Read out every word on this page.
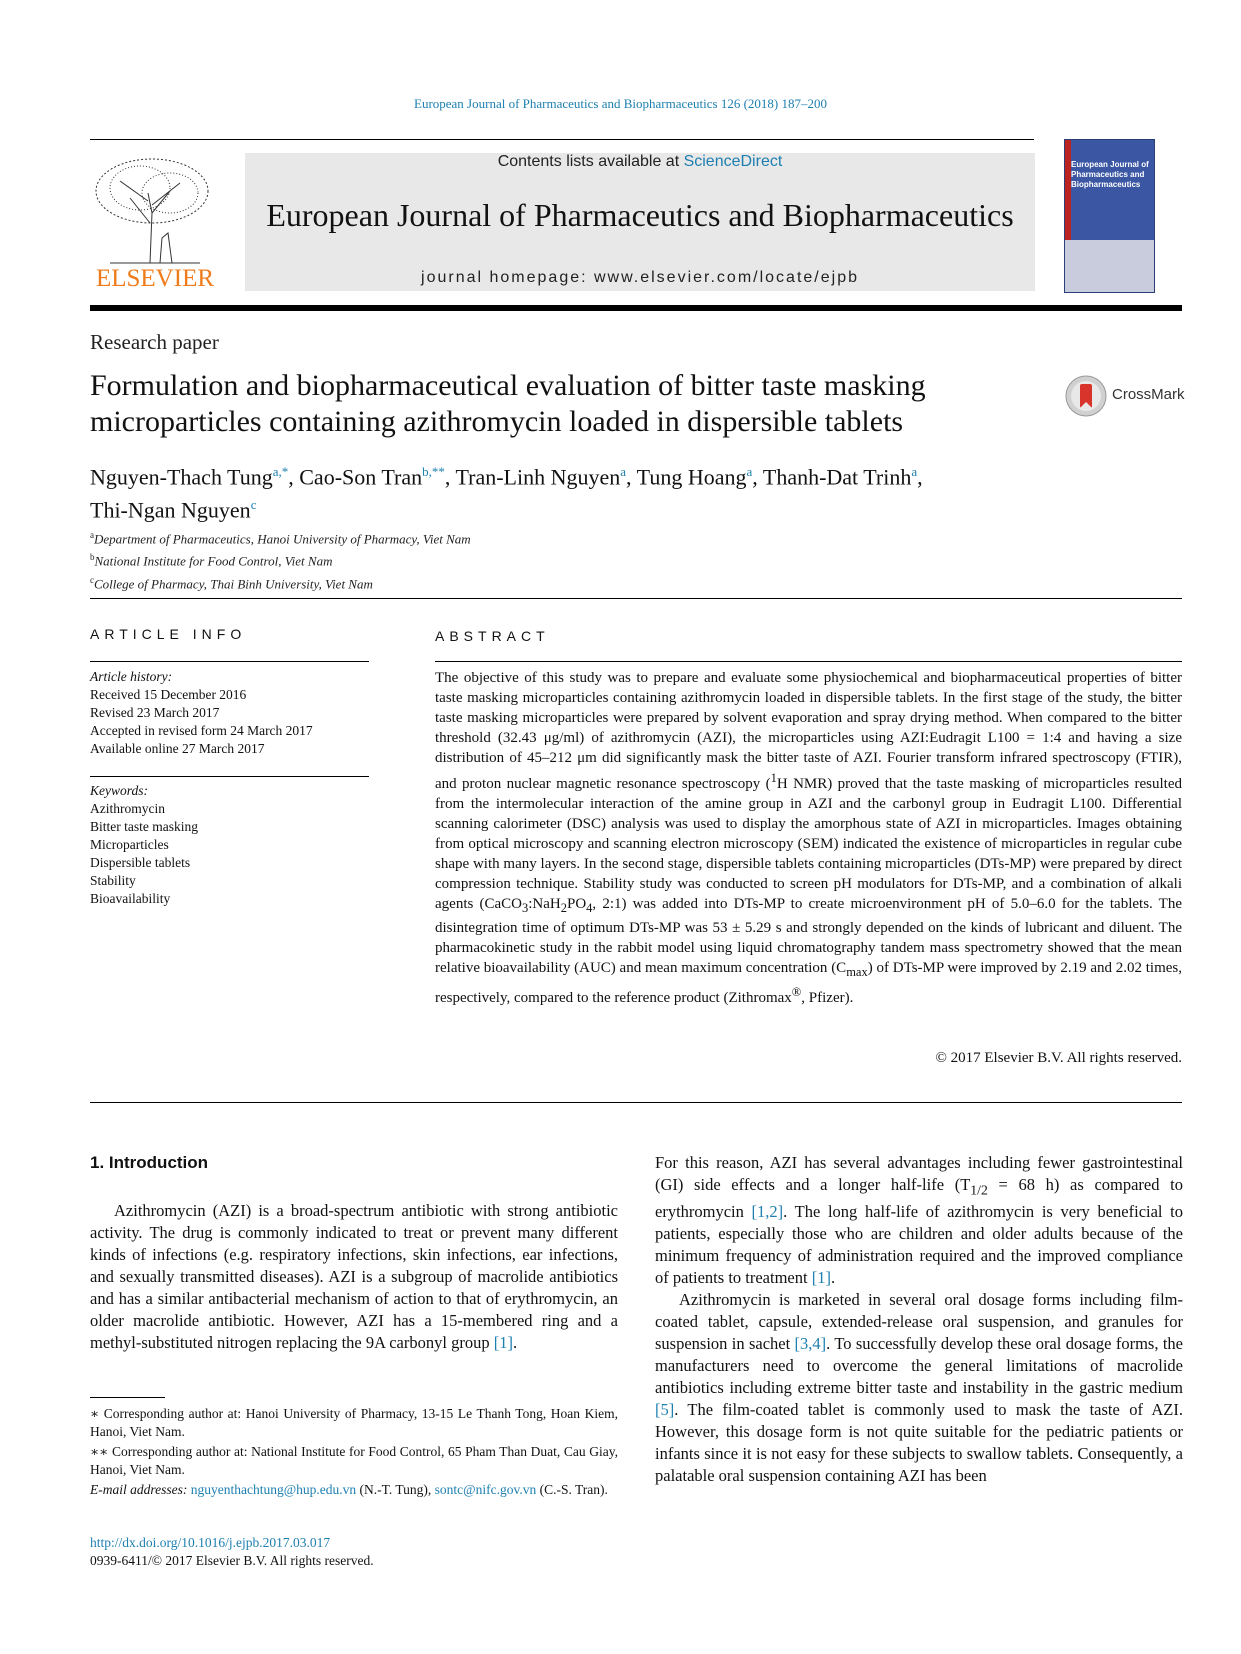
European Journal of Pharmaceutics and Biopharmaceutics 126 (2018) 187–200
ELSEVIER
Contents lists available at ScienceDirect
European Journal of Pharmaceutics and Biopharmaceutics
journal homepage: www.elsevier.com/locate/ejpb
European Journal of Pharmaceutics and Biopharmaceutics
Research paper
Formulation and biopharmaceutical evaluation of bitter taste masking microparticles containing azithromycin loaded in dispersible tablets
CrossMark
Nguyen-Thach Tung$^{a,*}$, Cao-Son Tran$^{b,**}$, Tran-Linh Nguyen$^a$, Tung Hoang$^a$, Thanh-Dat Trinh$^a$,
Thi-Ngan Nguyen$^c$
$^a$Department of Pharmaceutics, Hanoi University of Pharmacy, Viet Nam
$^b$National Institute for Food Control, Viet Nam
$^c$College of Pharmacy, Thai Binh University, Viet Nam
ARTICLE INFO	ABSTRACT
Article history:
Received 15 December 2016
Revised 23 March 2017
Accepted in revised form 24 March 2017
Available online 27 March 2017
Keywords:
Azithromycin
Bitter taste masking
Microparticles
Dispersible tablets
Stability
Bioavailability
The objective of this study was to prepare and evaluate some physiochemical and biopharmaceutical properties of bitter taste masking microparticles containing azithromycin loaded in dispersible tablets. In the first stage of the study, the bitter taste masking microparticles were prepared by solvent evaporation and spray drying method. When compared to the bitter threshold (32.43 μg/ml) of azithromycin (AZI), the microparticles using AZI:Eudragit L100 = 1:4 and having a size distribution of 45–212 μm did significantly mask the bitter taste of AZI. Fourier transform infrared spectroscopy (FTIR), and proton nuclear magnetic resonance spectroscopy ($^1$H NMR) proved that the taste masking of microparticles resulted from the intermolecular interaction of the amine group in AZI and the carbonyl group in Eudragit L100. Differential scanning calorimeter (DSC) analysis was used to display the amorphous state of AZI in microparticles. Images obtaining from optical microscopy and scanning electron microscopy (SEM) indicated the existence of microparticles in regular cube shape with many layers. In the second stage, dispersible tablets containing microparticles (DTs-MP) were prepared by direct compression technique. Stability study was conducted to screen pH modulators for DTs-MP, and a combination of alkali agents ($CaCO_3:NaH_2PO_4$, 2:1) was added into DTs-MP to create microenvironment pH of 5.0–6.0 for the tablets. The disintegration time of optimum DTs-MP was 53 ± 5.29 s and strongly depended on the kinds of lubricant and diluent. The pharmacokinetic study in the rabbit model using liquid chromatography tandem mass spectrometry showed that the mean relative bioavailability (AUC) and mean maximum concentration $(C_{max})$ of DTs-MP were improved by 2.19 and 2.02 times, respectively, compared to the reference product (Zithromax®, Pfizer).
© 2017 Elsevier B.V. All rights reserved.
1. Introduction

Azithromycin (AZI) is a broad-spectrum antibiotic with strong antibiotic activity. The drug is commonly indicated to treat or prevent many different kinds of infections (e.g. respiratory infections, skin infections, ear infections, and sexually transmitted diseases). AZI is a subgroup of macrolide antibiotics and has a similar antibacterial mechanism of action to that of erythromycin, an older macrolide antibiotic. However, AZI has a 15-membered ring and a methyl-substituted nitrogen replacing the 9A carbonyl group [1].

For this reason, AZI has several advantages including fewer gastrointestinal (GI) side effects and a longer half-life ($T_{1/2} = 68$ h) as compared to erythromycin [1,2]. The long half-life of azithromycin is very beneficial to patients, especially those who are children and older adults because of the minimum frequency of administration required and the improved compliance of patients to treatment [1].

Azithromycin is marketed in several oral dosage forms including film-coated tablet, capsule, extended-release oral suspension, and granules for suspension in sachet [3,4]. To successfully develop these oral dosage forms, the manufacturers need to overcome the general limitations of macrolide antibiotics including extreme bitter taste and instability in the gastric medium [5]. The film-coated tablet is commonly used to mask the taste of AZI. However, this dosage form is not quite suitable for the pediatric patients or infants since it is not easy for these subjects to swallow tablets. Consequently, a palatable oral suspension containing AZI has been

∗ Corresponding author at: Hanoi University of Pharmacy, 13-15 Le Thanh Tong, Hoan Kiem, Hanoi, Viet Nam.

∗∗ Corresponding author at: National Institute for Food Control, 65 Pham Than Duat, Cau Giay, Hanoi, Viet Nam.

E-mail addresses: nguyenthachtung@hup.edu.vn (N.-T. Tung), sontc@nifc.gov.vn (C.-S. Tran).

http://dx.doi.org/10.1016/j.ejpb.2017.03.017
0939-6411/© 2017 Elsevier B.V. All rights reserved.
